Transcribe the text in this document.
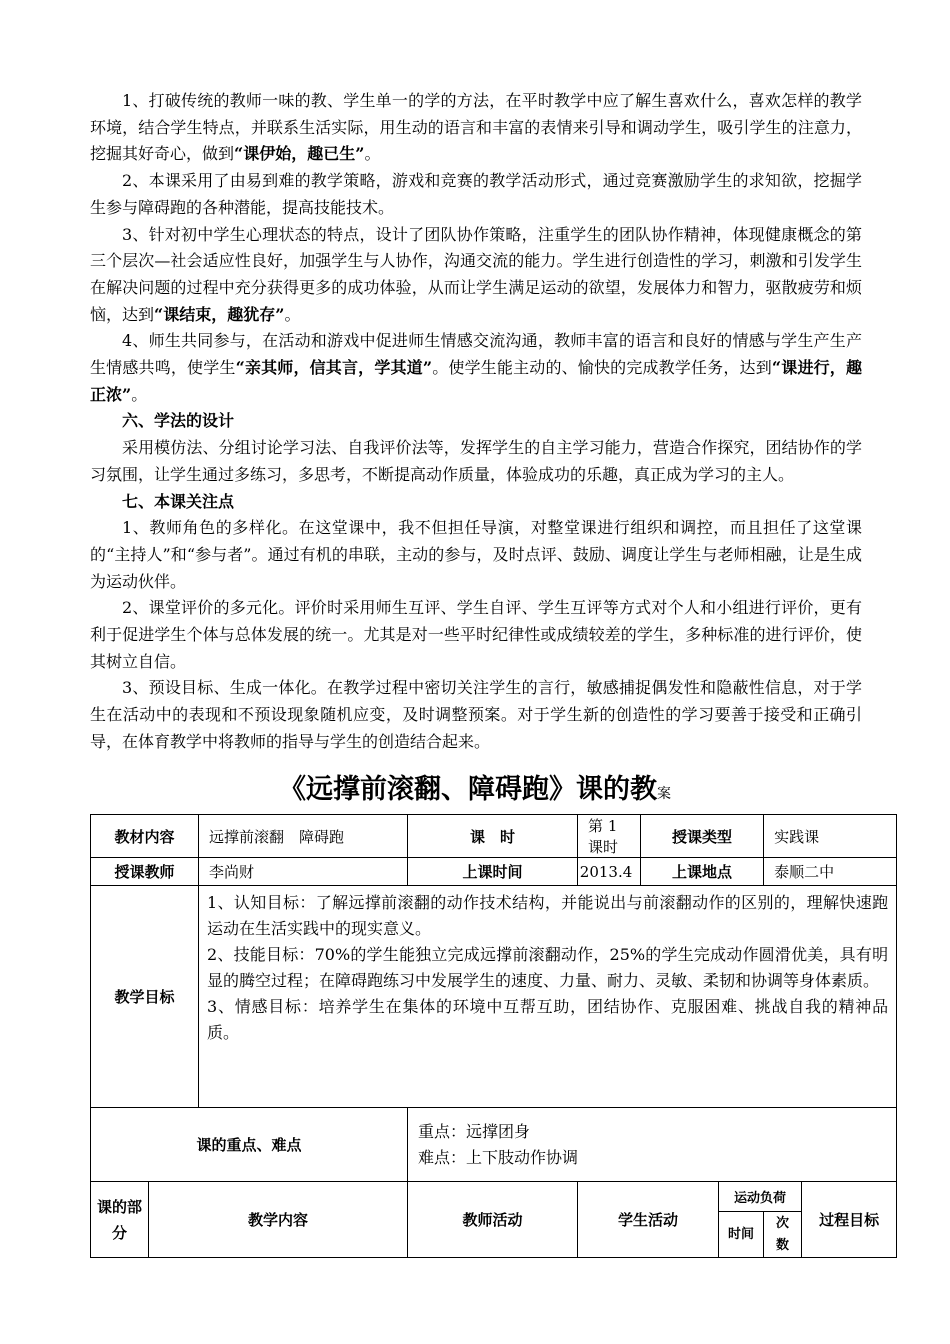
1、打破传统的教师一味的教、学生单一的学的方法，在平时教学中应了解生喜欢什么，喜欢怎样的教学环境，结合学生特点，并联系生活实际，用生动的语言和丰富的表情来引导和调动学生，吸引学生的注意力，挖掘其好奇心，做到“课伊始，趣已生”。

2、本课采用了由易到难的教学策略，游戏和竞赛的教学活动形式，通过竞赛激励学生的求知欲，挖掘学生参与障碍跑的各种潜能，提高技能技术。

3、针对初中学生心理状态的特点，设计了团队协作策略，注重学生的团队协作精神，体现健康概念的第三个层次—社会适应性良好，加强学生与人协作，沟通交流的能力。学生进行创造性的学习，刺激和引发学生在解决问题的过程中充分获得更多的成功体验，从而让学生满足运动的欲望，发展体力和智力，驱散疲劳和烦恼，达到“课结束，趣犹存”。

4、师生共同参与，在活动和游戏中促进师生情感交流沟通，教师丰富的语言和良好的情感与学生产生产生情感共鸣，使学生“亲其师，信其言，学其道”。使学生能主动的、愉快的完成教学任务，达到“课进行，趣正浓”。

六、学法的设计

采用模仿法、分组讨论学习法、自我评价法等，发挥学生的自主学习能力，营造合作探究，团结协作的学习氛围，让学生通过多练习，多思考，不断提高动作质量，体验成功的乐趣，真正成为学习的主人。

七、本课关注点

1、教师角色的多样化。在这堂课中，我不但担任导演，对整堂课进行组织和调控，而且担任了这堂课的“主持人”和“参与者”。通过有机的串联，主动的参与，及时点评、鼓励、调度让学生与老师相融，让是生成为运动伙伴。

2、课堂评价的多元化。评价时采用师生互评、学生自评、学生互评等方式对个人和小组进行评价，更有利于促进学生个体与总体发展的统一。尤其是对一些平时纪律性或成绩较差的学生，多种标准的进行评价，使其树立自信。

3、预设目标、生成一体化。在教学过程中密切关注学生的言行，敏感捕捉偶发性和隐蔽性信息，对于学生在活动中的表现和不预设现象随机应变，及时调整预案。对于学生新的创造性的学习要善于接受和正确引导，在体育教学中将教师的指导与学生的创造结合起来。

《远撑前滚翻、障碍跑》课的教案
教材内容		远撑前滚翻　障碍跑	课　时	第 1 课时	授课类型		实践课	
授课教师		李尚财	上课时间	2013.4	上课地点		泰顺二中	
教学目标		1、认知目标：了解远撑前滚翻的动作技术结构，并能说出与前滚翻动作的区别的，理解快速跑运动在生活实践中的现实意义。
2、技能目标：70%的学生能独立完成远撑前滚翻动作，25%的学生完成动作圆滑优美，具有明显的腾空过程；在障碍跑练习中发展学生的速度、力量、耐力、灵敏、柔韧和协调等身体素质。
3、情感目标：培养学生在集体的环境中互帮互助，团结协作、克服困难、挑战自我的精神品质。						

课的重点、难点			重点：远撑团身
难点：上下肢动作协调					

课的部分	教学内容		教师活动	学生活动		运动负荷		过程目标
						时间	次数	
